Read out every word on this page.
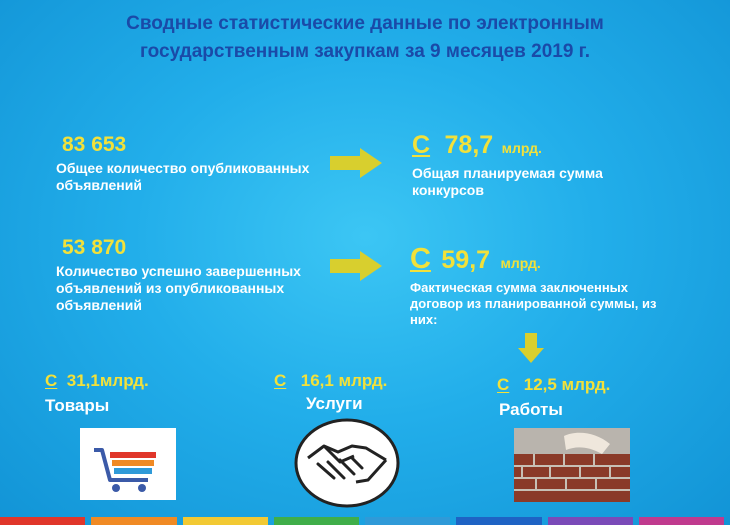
Сводные статистические данные по электронным государственным закупкам за 9 месяцев 2019 г.
83 653
Общее количество опубликованных объявлений
53 870
Количество успешно завершенных объявлений из опубликованных объявлений
С 78,7 млрд.
Общая планируемая сумма конкурсов
С 59,7 млрд.
Фактическая сумма заключенных договор из планированной суммы, из них:
С 31,1млрд.
Товары
С 16,1 млрд.
Услуги
С 12,5 млрд.
Работы
